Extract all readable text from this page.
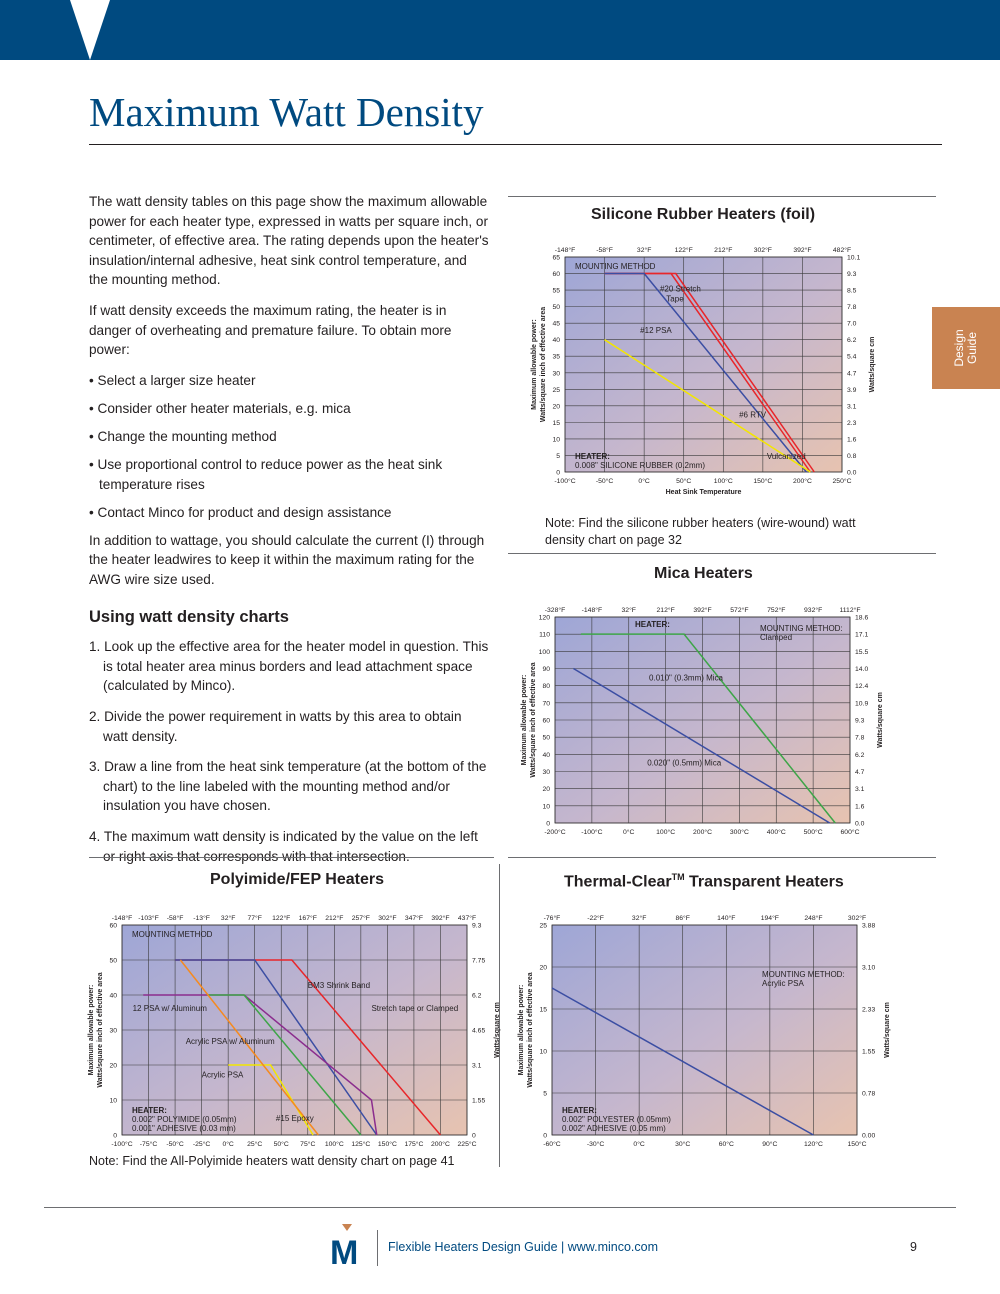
Maximum Watt Density
Design Guide

The watt density tables on this page show the maximum allowable power for each heater type, expressed in watts per square inch, or centimeter, of effective area. The rating depends upon the heater's insulation/internal adhesive, heat sink control temperature, and the mounting method.

If watt density exceeds the maximum rating, the heater is in danger of overheating and premature failure. To obtain more power:

• Select a larger size heater
• Consider other heater materials, e.g. mica
• Change the mounting method
• Use proportional control to reduce power as the heat sink temperature rises
• Contact Minco for product and design assistance

In addition to wattage, you should calculate the current (I) through the heater leadwires to keep it within the maximum rating for the AWG wire size used.

Using watt density charts
1. Look up the effective area for the heater model in question. This is total heater area minus borders and lead attachment space (calculated by Minco).
2. Divide the power requirement in watts by this area to obtain watt density.
3. Draw a line from the heat sink temperature (at the bottom of the chart) to the line labeled with the mounting method and/or insulation you have chosen.
4. The maximum watt density is indicated by the value on the left
Silicone Rubber Heaters (foil)
Mica Heaters
Polyimide/FEP Heaters	Thermal-Clear™ Transparent Heaters
-100°C
-148°F
-50°C
-58°F
0°C
32°F
50°C
122°F
100°C
212°F
150°C
302°F
200°C
392°F
250°C
482°F
0	0.0
5	0.8
10	1.6
15	2.3
20	3.1
25	3.9
30	4.7
35	5.4
40	6.2
45	7.0
50	7.8
55	8.5
60	9.3
65	10.1
Heat Sink Temperature
Maximum allowable power: Watts/square inch of effective area	Watts/square cm
#20 Stretch
Tape
#12 PSA
#6 RTV
Vulcanized
HEATER:
0.008" SILICONE RUBBER (0.2mm)
MOUNTING METHOD
-200°C
-328°F
-100°C
-148°F
0°C
32°F
100°C
212°F
200°C
392°F
300°C
572°F
400°C
752°F
500°C
932°F
600°C
1112°F
0	0.0
10	1.6
20	3.1
30	4.7
40	6.2
50	7.8
60	9.3
70	10.9
80	12.4
90	14.0
100	15.5
110	17.1
120	18.6
Maximum allowable power: Watts/square inch of effective area	Watts/square cm
0.010" (0.3mm) Mica
0.020" (0.5mm) Mica
HEATER:	MOUNTING METHOD:
Clamped
-100°C
-148°F
-75°C
-103°F
-50°C
-58°F
-25°C
-13°F
0°C
32°F
25°C
77°F
50°C
122°F
75°C
167°F
100°C
212°F
125°C
257°F
150°C
302°F
175°C
347°F
200°C
392°F
225°C
437°F
0	0
10	1.55
20	3.1
30	4.65
40	6.2
50	7.75
60	9.3
Maximum allowable power: Watts/square inch of effective area	Watts/square cm
BM3 Shrink Band
12 PSA w/ Aluminum	Stretch tape or Clamped
Acrylic PSA w/ Aluminum
Acrylic PSA
#15 Epoxy
HEATER:
0.002" POLYIMIDE (0.05mm)
0.001" ADHESIVE (0.03 mm)
MOUNTING METHOD
-60°C
-76°F
-30°C
-22°F
0°C
32°F
30°C
86°F
60°C
140°F
90°C
194°F
120°C
248°F
150°C
302°F
0	0.00
5	0.78
10	1.55
15	2.33
20	3.10
25	3.88
Maximum allowable power: Watts/square inch of effective area	Watts/square cm
HEATER:
0.002" POLYESTER (0.05mm)
0.002" ADHESIVE (0.05 mm)
MOUNTING METHOD:
Acrylic PSA
Note: Find the silicone rubber heaters (wire-wound) watt density chart on page 32
Note: Find the All-Polyimide heaters watt density chart on page 41
M Flexible Heaters Design Guide | www.minco.com	9
